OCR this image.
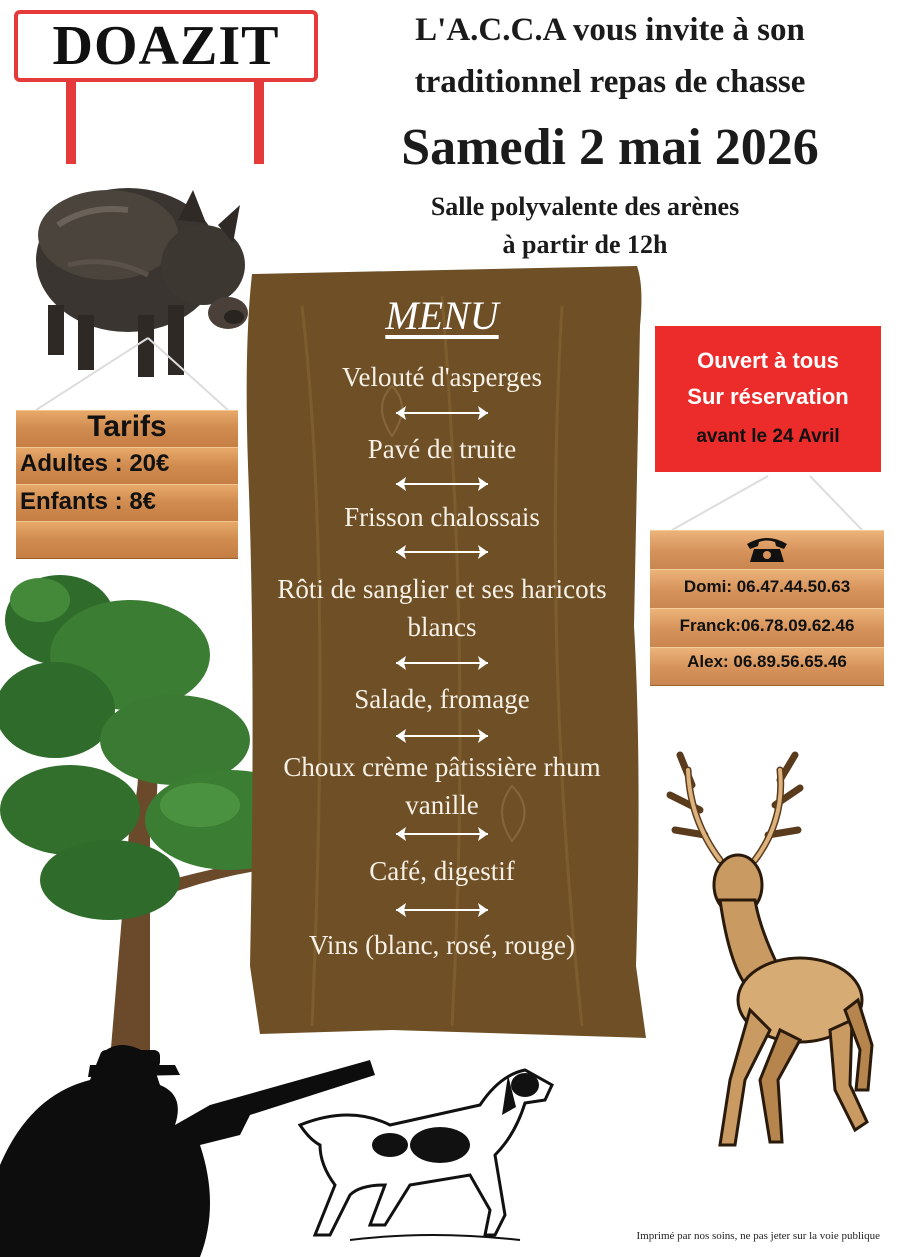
DOAZIT	L'A.C.C.A vous invite à son
traditionnel repas de chasse
Samedi 2 mai 2026
Salle polyvalente des arènes
à partir de 12h
Tarifs
Adultes : 20€
Enfants : 8€
Ouvert à tous
Sur réservation
avant le 24 Avril
Domi: 06.47.44.50.63
Franck:06.78.09.62.46
Alex: 06.89.56.65.46
MENU
Velouté d'asperges
Pavé de truite
Frisson chalossais
Rôti de sanglier et ses haricots
blancs
Salade, fromage
Choux crème pâtissière rhum
vanille
Café, digestif
Vins (blanc, rosé, rouge)
Imprimé par nos soins, ne pas jeter sur la voie publique
